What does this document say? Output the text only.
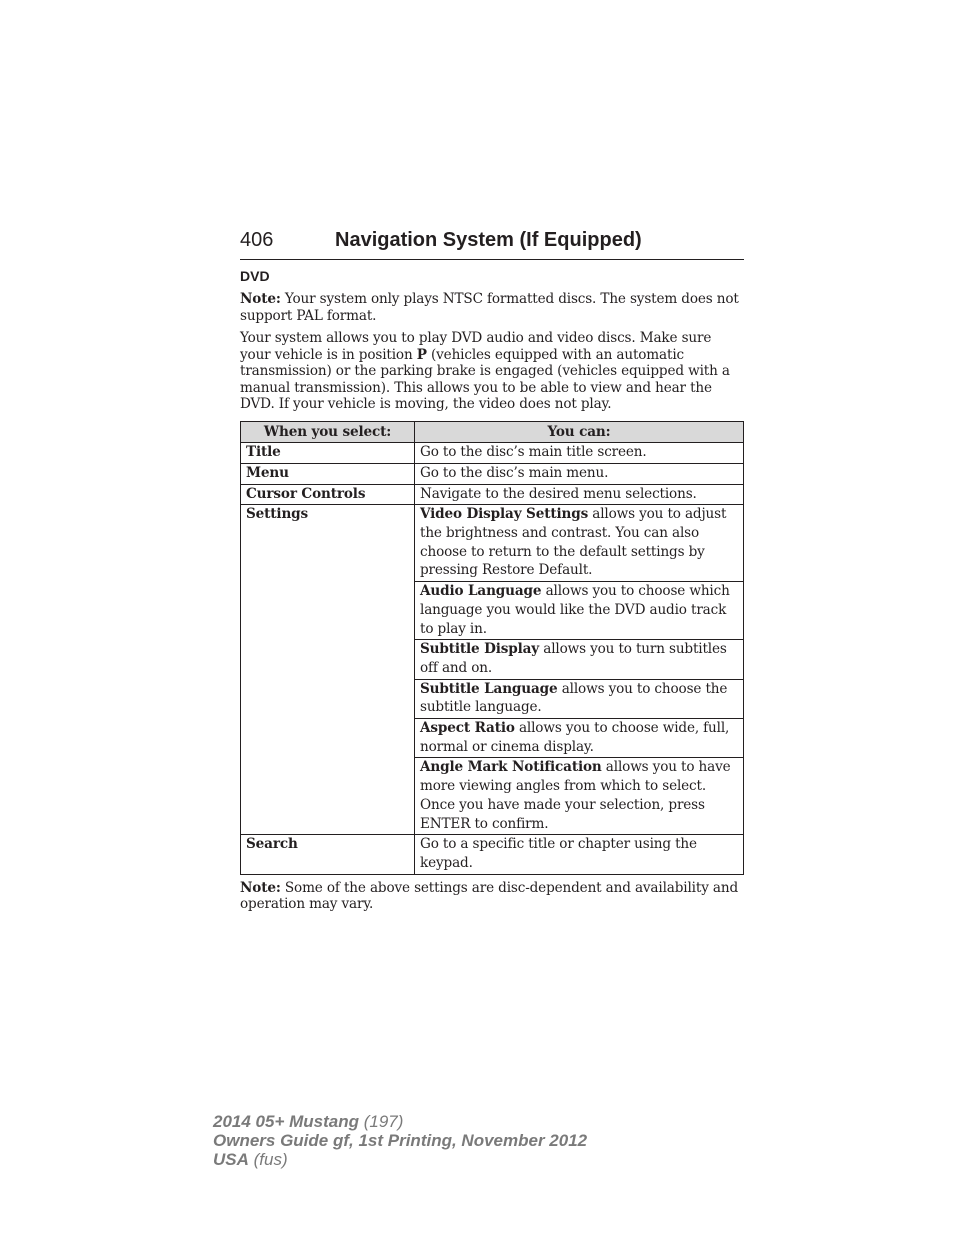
406	Navigation System (If Equipped)
DVD

Note: Your system only plays NTSC formatted discs. The system does not support PAL format.

Your system allows you to play DVD audio and video discs. Make sure your vehicle is in position P (vehicles equipped with an automatic transmission) or the parking brake is engaged (vehicles equipped with a manual transmission). This allows you to be able to view and hear the DVD. If your vehicle is moving, the video does not play.

When you select:	You can:
Title	Go to the disc’s main title screen.
Menu	Go to the disc’s main menu.
Cursor Controls	Navigate to the desired menu selections.
Settings	Video Display Settings allows you to adjust the brightness and contrast. You can also choose to return to the default settings by pressing Restore Default.
	Audio Language allows you to choose which language you would like the DVD audio track to play in.
	Subtitle Display allows you to turn subtitles off and on.
	Subtitle Language allows you to choose the subtitle language.
	Aspect Ratio allows you to choose wide, full, normal or cinema display.
	Angle Mark Notification allows you to have more viewing angles from which to select. Once you have made your selection, press ENTER to confirm.
Search	Go to a specific title or chapter using the keypad.

Note: Some of the above settings are disc-dependent and availability and operation may vary.

2014 05+ Mustang (197)
Owners Guide gf, 1st Printing, November 2012
USA (fus)
